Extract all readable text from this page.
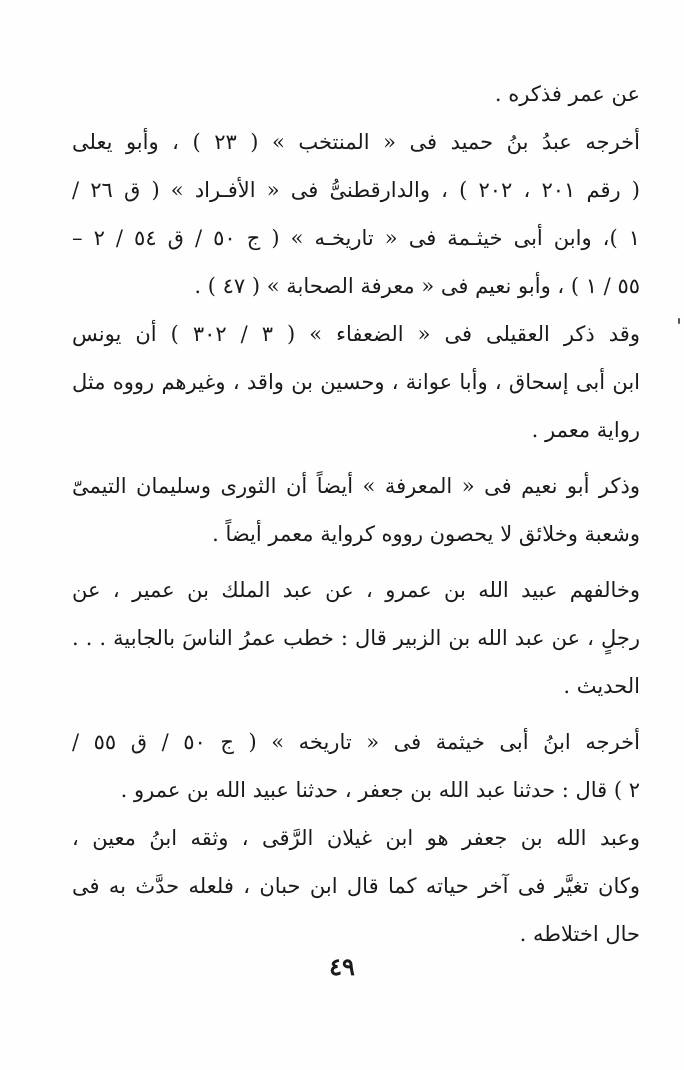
عن عمر فذكره .
أخرجه عبدُ بنُ حميد فى « المنتخب » ( ٢٣ ) ، وأبو يعلى
( رقم ٢٠١ ، ٢٠٢ ) ، والدارقطنىُّ فى « الأفـراد » ( ق ٢٦ /
١ )، وابن أبى خيثـمة فى « تاريخـه » ( ج ٥٠ / ق ٥٤ / ٢ –
٥٥ / ١ ) ، وأبو نعيم فى « معرفة الصحابة » ( ٤٧ ) .
وقد ذكر العقيلى فى « الضعفاء » ( ٣ / ٣٠٢ ) أن يونس
ابن أبى إسحاق ، وأبا عوانة ، وحسين بن واقد ، وغيرهم رووه مثل
رواية معمر .
وذكر أبو نعيم فى « المعرفة » أيضاً أن الثورى وسليمان التيمىّ
وشعبة وخلائق لا يحصون رووه كرواية معمر أيضاً .
وخالفهم عبيد الله بن عمرو ، عن عبد الملك بن عمير ، عن
رجلٍ ، عن عبد الله بن الزبير قال : خطب عمرُ الناسَ بالجابية . . .
الحديث .
أخرجه ابنُ أبى خيثمة فى « تاريخه » ( ج ٥٠ / ق ٥٥ /
٢ ) قال : حدثنا عبد الله بن جعفر ، حدثنا عبيد الله بن عمرو .
وعبد الله بن جعفر هو ابن غيلان الرَّقى ، وثقه ابنُ معين ،
وكان تغيَّر فى آخر حياته كما قال ابن حبان ، فلعله حدَّث به فى
حال اختلاطه .
٤٩
